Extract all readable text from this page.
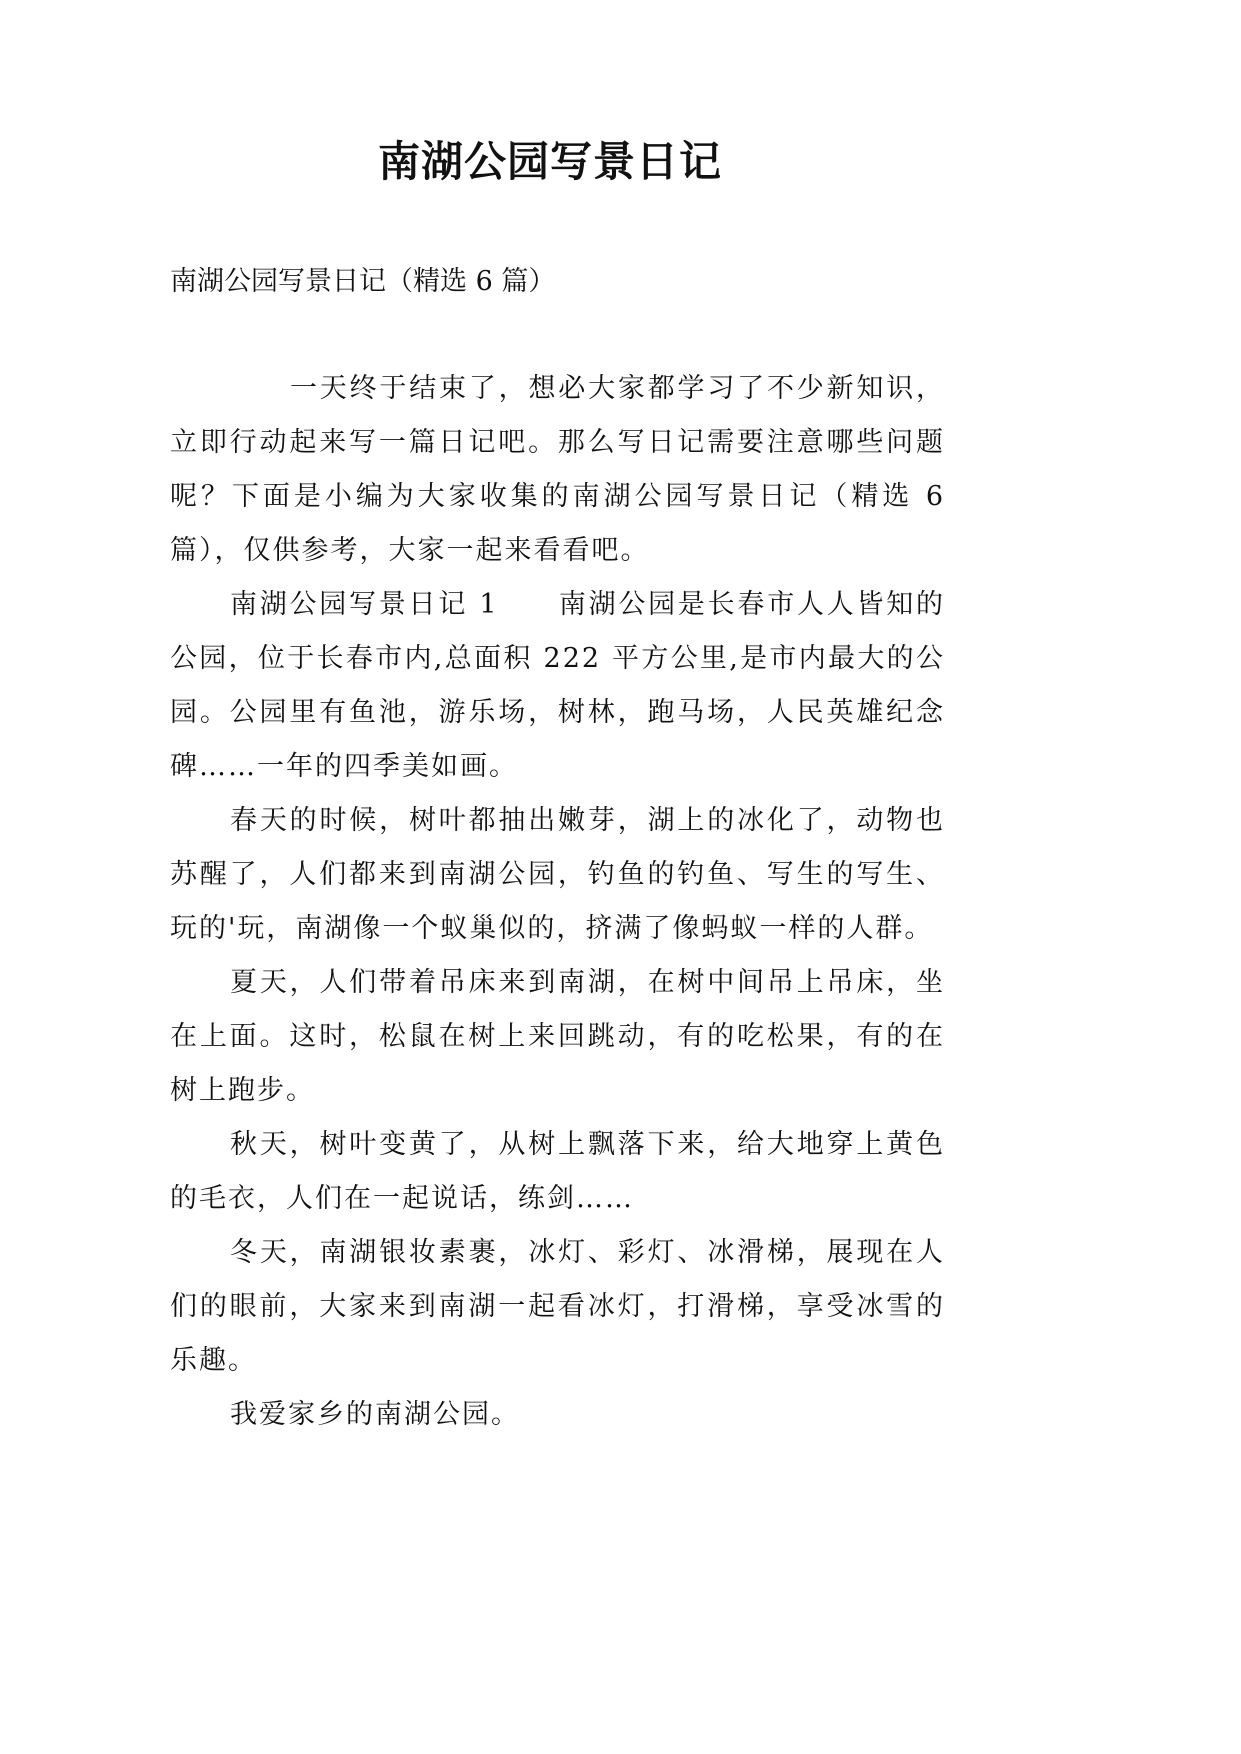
南湖公园写景日记
南湖公园写景日记（精选 6 篇）

一天终于结束了，想必大家都学习了不少新知识，立即行动起来写一篇日记吧。那么写日记需要注意哪些问题呢？下面是小编为大家收集的南湖公园写景日记（精选 6 篇），仅供参考，大家一起来看看吧。

南湖公园写景日记 1　　南湖公园是长春市人人皆知的公园，位于长春市内,总面积 222 平方公里,是市内最大的公园。公园里有鱼池，游乐场，树林，跑马场，人民英雄纪念碑……一年的四季美如画。

春天的时候，树叶都抽出嫩芽，湖上的冰化了，动物也苏醒了，人们都来到南湖公园，钓鱼的钓鱼、写生的写生、玩的'玩，南湖像一个蚁巢似的，挤满了像蚂蚁一样的人群。

夏天，人们带着吊床来到南湖，在树中间吊上吊床，坐在上面。这时，松鼠在树上来回跳动，有的吃松果，有的在树上跑步。

秋天，树叶变黄了，从树上飘落下来，给大地穿上黄色的毛衣，人们在一起说话，练剑……

冬天，南湖银妆素裹，冰灯、彩灯、冰滑梯，展现在人们的眼前，大家来到南湖一起看冰灯，打滑梯，享受冰雪的乐趣。

我爱家乡的南湖公园。
